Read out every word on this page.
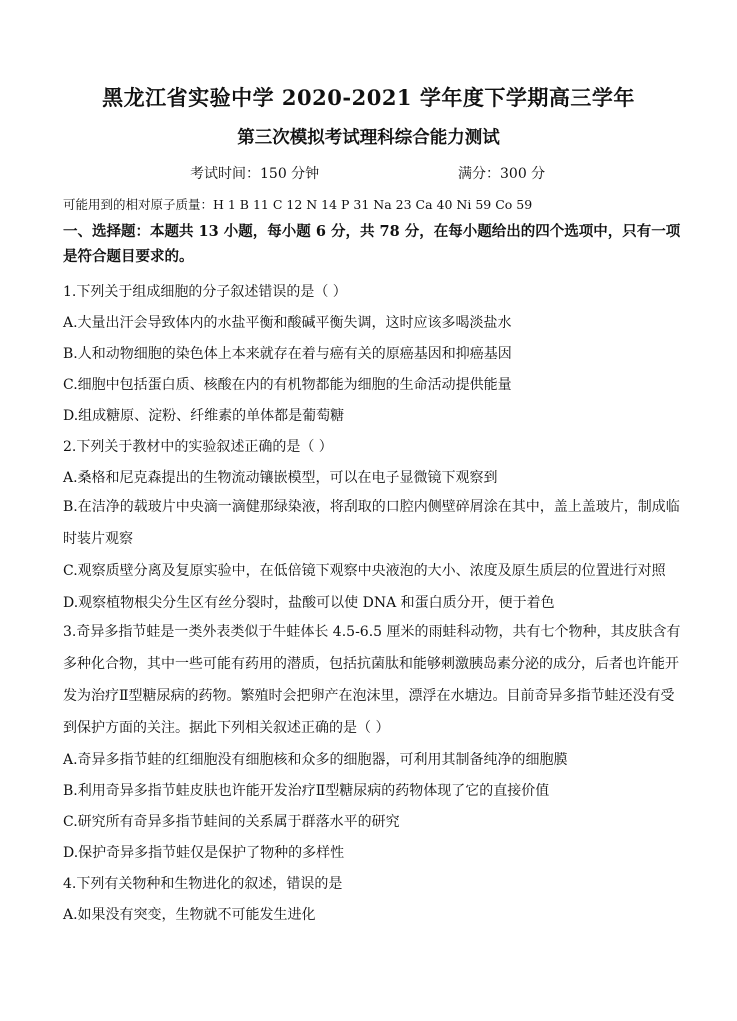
黑龙江省实验中学 2020-2021 学年度下学期高三学年
第三次模拟考试理科综合能力测试
考试时间：150 分钟	满分：300 分
可能用到的相对原子质量：H 1 B 11 C 12 N 14 P 31 Na 23 Ca 40 Ni 59 Co 59
一、选择题：本题共 13 小题，每小题 6 分，共 78 分，在每小题给出的四个选项中，只有一项是符合题目要求的。
1.下列关于组成细胞的分子叙述错误的是（ ）
A.大量出汗会导致体内的水盐平衡和酸碱平衡失调，这时应该多喝淡盐水
B.人和动物细胞的染色体上本来就存在着与癌有关的原癌基因和抑癌基因
C.细胞中包括蛋白质、核酸在内的有机物都能为细胞的生命活动提供能量
D.组成糖原、淀粉、纤维素的单体都是葡萄糖
2.下列关于教材中的实验叙述正确的是（ ）
A.桑格和尼克森提出的生物流动镶嵌模型，可以在电子显微镜下观察到
B.在洁净的载玻片中央滴一滴健那绿染液，将刮取的口腔内侧壁碎屑涂在其中，盖上盖玻片，制成临时装片观察
C.观察质壁分离及复原实验中，在低倍镜下观察中央液泡的大小、浓度及原生质层的位置进行对照
D.观察植物根尖分生区有丝分裂时，盐酸可以使 DNA 和蛋白质分开，便于着色
3.奇异多指节蛙是一类外表类似于牛蛙体长 4.5-6.5 厘米的雨蛙科动物，共有七个物种，其皮肤含有多种化合物，其中一些可能有药用的潜质，包括抗菌肽和能够刺激胰岛素分泌的成分，后者也许能开发为治疗Ⅱ型糖尿病的药物。繁殖时会把卵产在泡沫里，漂浮在水塘边。目前奇异多指节蛙还没有受到保护方面的关注。据此下列相关叙述正确的是（ ）
A.奇异多指节蛙的红细胞没有细胞核和众多的细胞器，可利用其制备纯净的细胞膜
B.利用奇异多指节蛙皮肤也许能开发治疗Ⅱ型糖尿病的药物体现了它的直接价值
C.研究所有奇异多指节蛙间的关系属于群落水平的研究
D.保护奇异多指节蛙仅是保护了物种的多样性
4.下列有关物种和生物进化的叙述，错误的是
A.如果没有突变，生物就不可能发生进化
